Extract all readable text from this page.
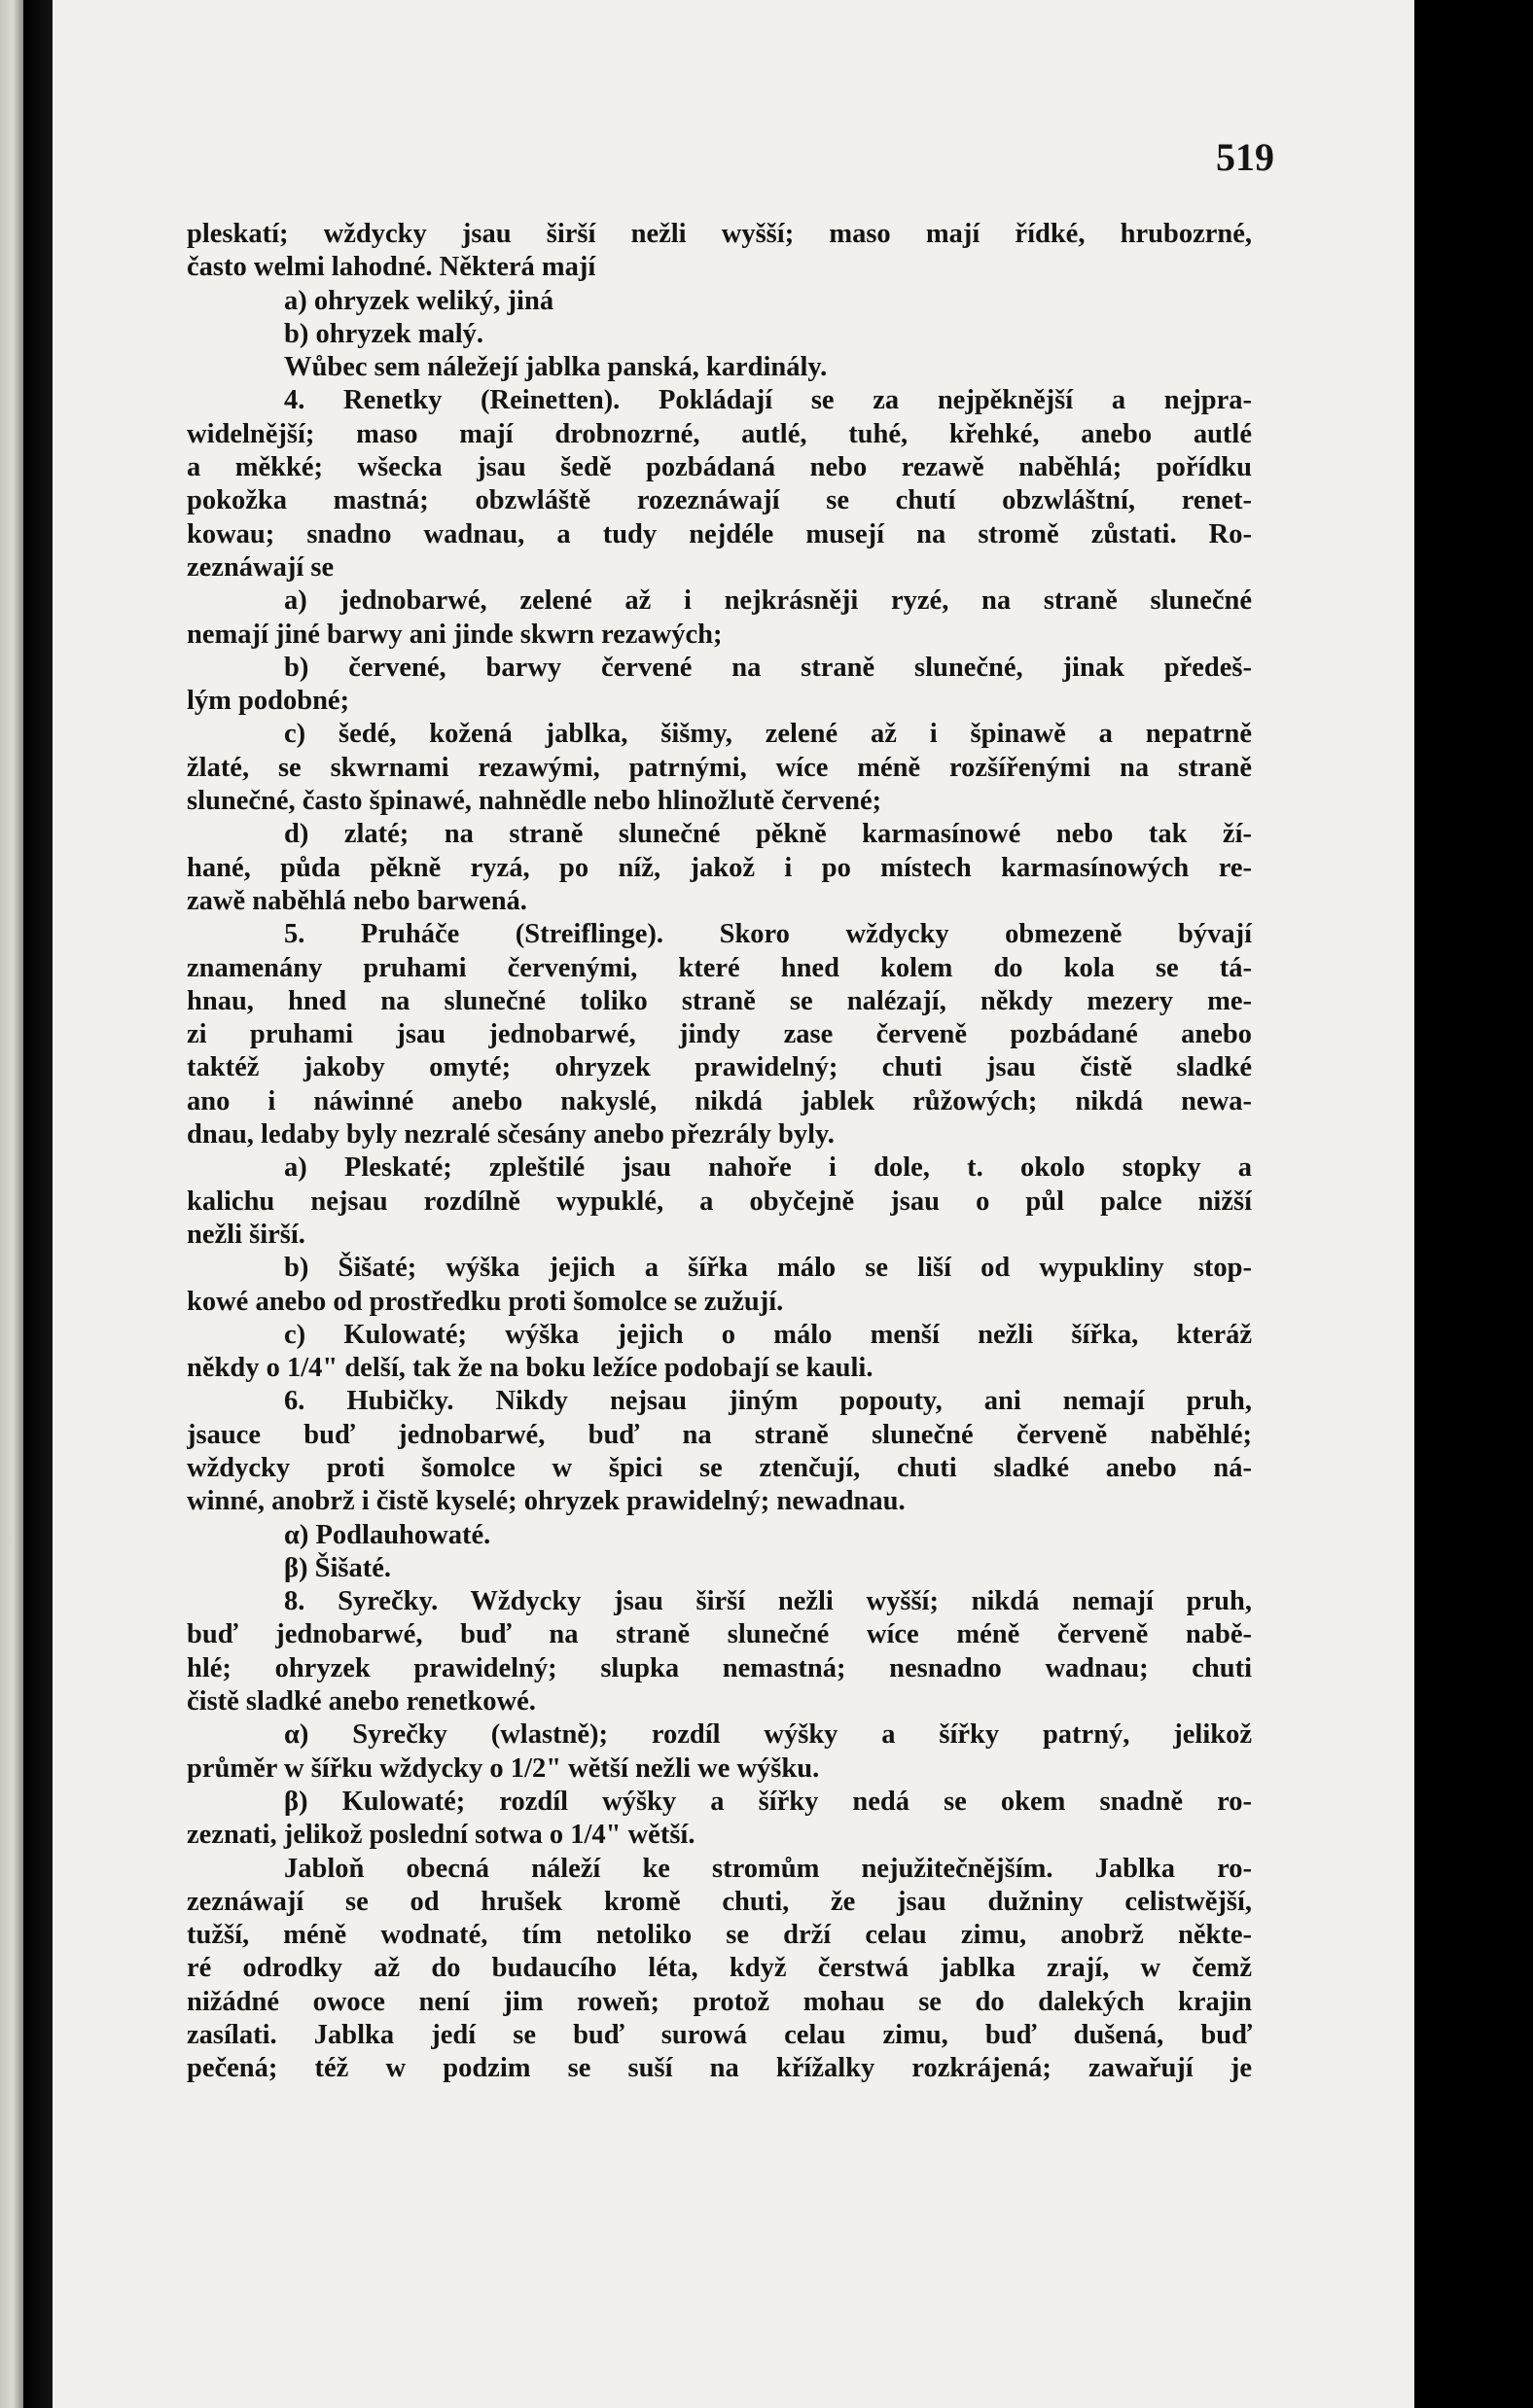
519
pleskatí; wždycky jsau širší nežli wyšší; maso mají řídké, hrubozrné,
často welmi lahodné. Některá mají
a) ohryzek weliký, jiná
b) ohryzek malý.
Wůbec sem náležejí jablka panská, kardinály.
4. Renetky (Reinetten). Pokládají se za nejpěknější a nejpra-
widelnější; maso mají drobnozrné, autlé, tuhé, křehké, anebo autlé
a měkké; wšecka jsau šedě pozbádaná nebo rezawě naběhlá; pořídku
pokožka mastná; obzwláště rozeznáwají se chutí obzwláštní, renet-
kowau; snadno wadnau, a tudy nejdéle musejí na stromě zůstati. Ro-
zeznáwají se
a) jednobarwé, zelené až i nejkrásněji ryzé, na straně slunečné
nemají jiné barwy ani jinde skwrn rezawých;
b) červené, barwy červené na straně slunečné, jinak předeš-
lým podobné;
c) šedé, kožená jablka, šišmy, zelené až i špinawě a nepatrně
žlaté, se skwrnami rezawými, patrnými, wíce méně rozšířenými na straně
slunečné, často špinawé, nahnědle nebo hlinožlutě červené;
d) zlaté; na straně slunečné pěkně karmasínowé nebo tak ží-
hané, půda pěkně ryzá, po níž, jakož i po místech karmasínowých re-
zawě naběhlá nebo barwená.
5. Pruháče (Streiflinge). Skoro wždycky obmezeně bývají
znamenány pruhami červenými, které hned kolem do kola se tá-
hnau, hned na slunečné toliko straně se nalézají, někdy mezery me-
zi pruhami jsau jednobarwé, jindy zase červeně pozbádané anebo
taktéž jakoby omyté; ohryzek prawidelný; chuti jsau čistě sladké
ano i náwinné anebo nakyslé, nikdá jablek růžowých; nikdá newa-
dnau, ledaby byly nezralé sčesány anebo přezrály byly.
a) Pleskaté; zpleštilé jsau nahoře i dole, t. okolo stopky a
kalichu nejsau rozdílně wypuklé, a obyčejně jsau o půl palce nižší
nežli širší.
b) Šišaté; wýška jejich a šířka málo se liší od wypukliny stop-
kowé anebo od prostředku proti šomolce se zužují.
c) Kulowaté; wýška jejich o málo menší nežli šířka, kteráž
někdy o 1/4" delší, tak že na boku ležíce podobají se kauli.
6. Hubičky. Nikdy nejsau jiným popouty, ani nemají pruh,
jsauce buď jednobarwé, buď na straně slunečné červeně naběhlé;
wždycky proti šomolce w špici se ztenčují, chuti sladké anebo ná-
winné, anobrž i čistě kyselé; ohryzek prawidelný; newadnau.
α) Podlauhowaté.
β) Šišaté.
8. Syrečky. Wždycky jsau širší nežli wyšší; nikdá nemají pruh,
buď jednobarwé, buď na straně slunečné wíce méně červeně nabě-
hlé; ohryzek prawidelný; slupka nemastná; nesnadno wadnau; chuti
čistě sladké anebo renetkowé.
α) Syrečky (wlastně); rozdíl wýšky a šířky patrný, jelikož
průměr w šířku wždycky o 1/2" wětší nežli we wýšku.
β) Kulowaté; rozdíl wýšky a šířky nedá se okem snadně ro-
zeznati, jelikož poslední sotwa o 1/4" wětší.
Jabloň obecná náleží ke stromům nejužitečnějším. Jablka ro-
zeznáwají se od hrušek kromě chuti, že jsau dužniny celistwější,
tužší, méně wodnaté, tím netoliko se drží celau zimu, anobrž někte-
ré odrodky až do budaucího léta, když čerstwá jablka zrají, w čemž
nižádné owoce není jim roweň; protož mohau se do dalekých krajin
zasílati. Jablka jedí se buď surowá celau zimu, buď dušená, buď
pečená; též w podzim se suší na křížalky rozkrájená; zawařují je
